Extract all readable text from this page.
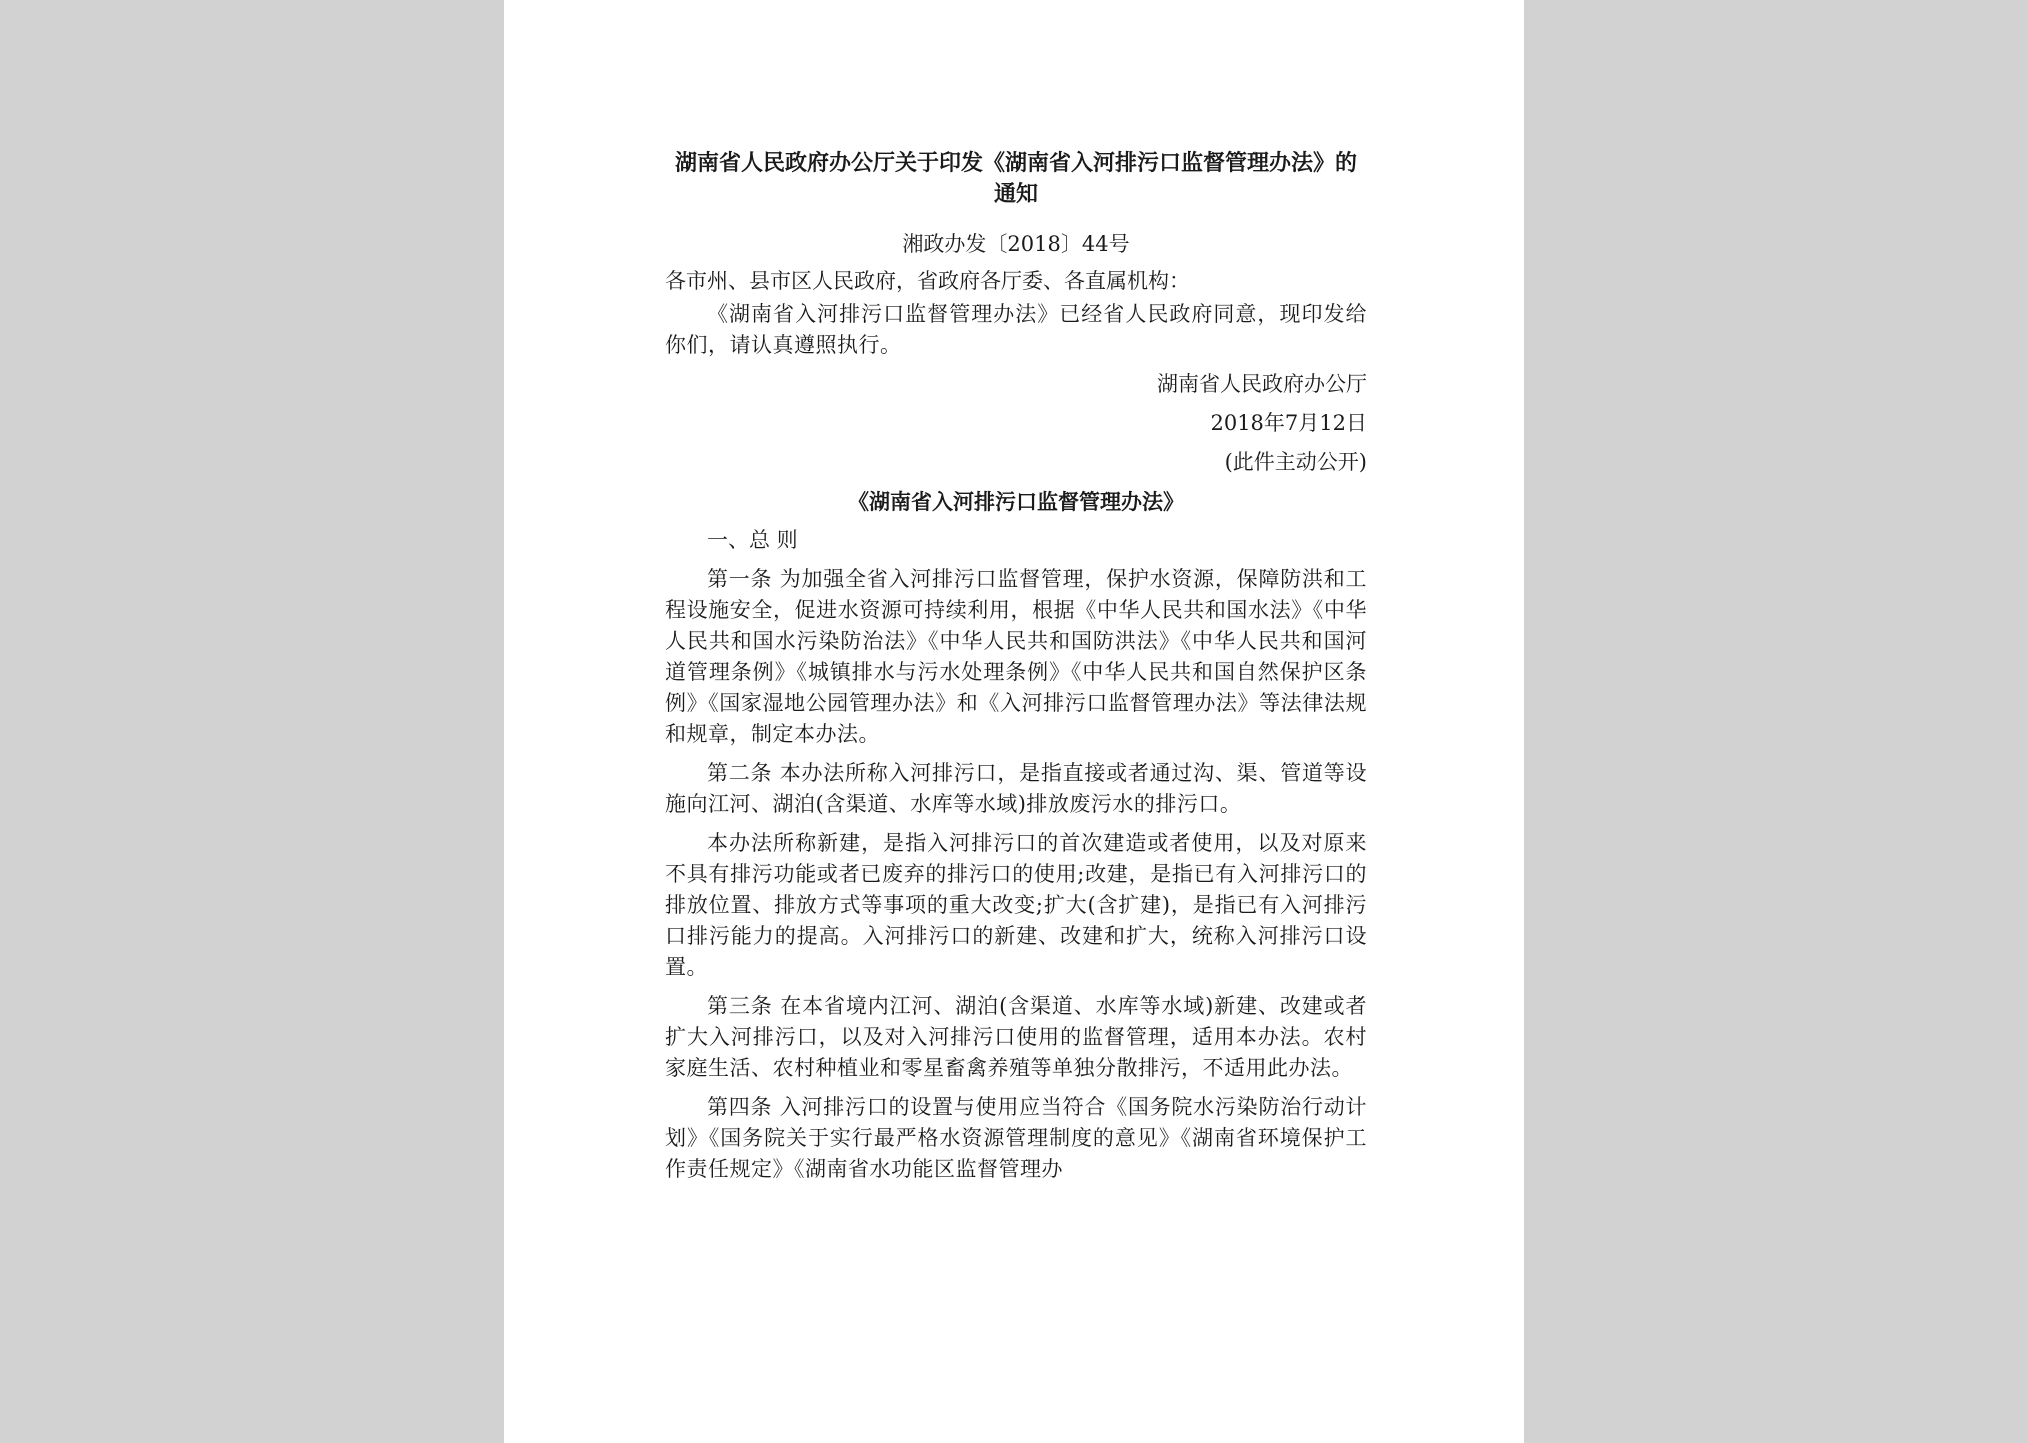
湖南省人民政府办公厅关于印发《湖南省入河排污口监督管理办法》的通知
湘政办发〔2018〕44号
各市州、县市区人民政府，省政府各厅委、各直属机构：

《湖南省入河排污口监督管理办法》已经省人民政府同意，现印发给你们，请认真遵照执行。

湖南省人民政府办公厅
2018年7月12日
(此件主动公开)
《湖南省入河排污口监督管理办法》
一、总 则

第一条 为加强全省入河排污口监督管理，保护水资源，保障防洪和工程设施安全，促进水资源可持续利用，根据《中华人民共和国水法》《中华人民共和国水污染防治法》《中华人民共和国防洪法》《中华人民共和国河道管理条例》《城镇排水与污水处理条例》《中华人民共和国自然保护区条例》《国家湿地公园管理办法》和《入河排污口监督管理办法》等法律法规和规章，制定本办法。

第二条 本办法所称入河排污口，是指直接或者通过沟、渠、管道等设施向江河、湖泊(含渠道、水库等水域)排放废污水的排污口。

本办法所称新建，是指入河排污口的首次建造或者使用，以及对原来不具有排污功能或者已废弃的排污口的使用;改建，是指已有入河排污口的排放位置、排放方式等事项的重大改变;扩大(含扩建)，是指已有入河排污口排污能力的提高。入河排污口的新建、改建和扩大，统称入河排污口设置。

第三条 在本省境内江河、湖泊(含渠道、水库等水域)新建、改建或者扩大入河排污口，以及对入河排污口使用的监督管理，适用本办法。农村家庭生活、农村种植业和零星畜禽养殖等单独分散排污，不适用此办法。

第四条 入河排污口的设置与使用应当符合《国务院水污染防治行动计划》《国务院关于实行最严格水资源管理制度的意见》《湖南省环境保护工作责任规定》《湖南省水功能区监督管理办
